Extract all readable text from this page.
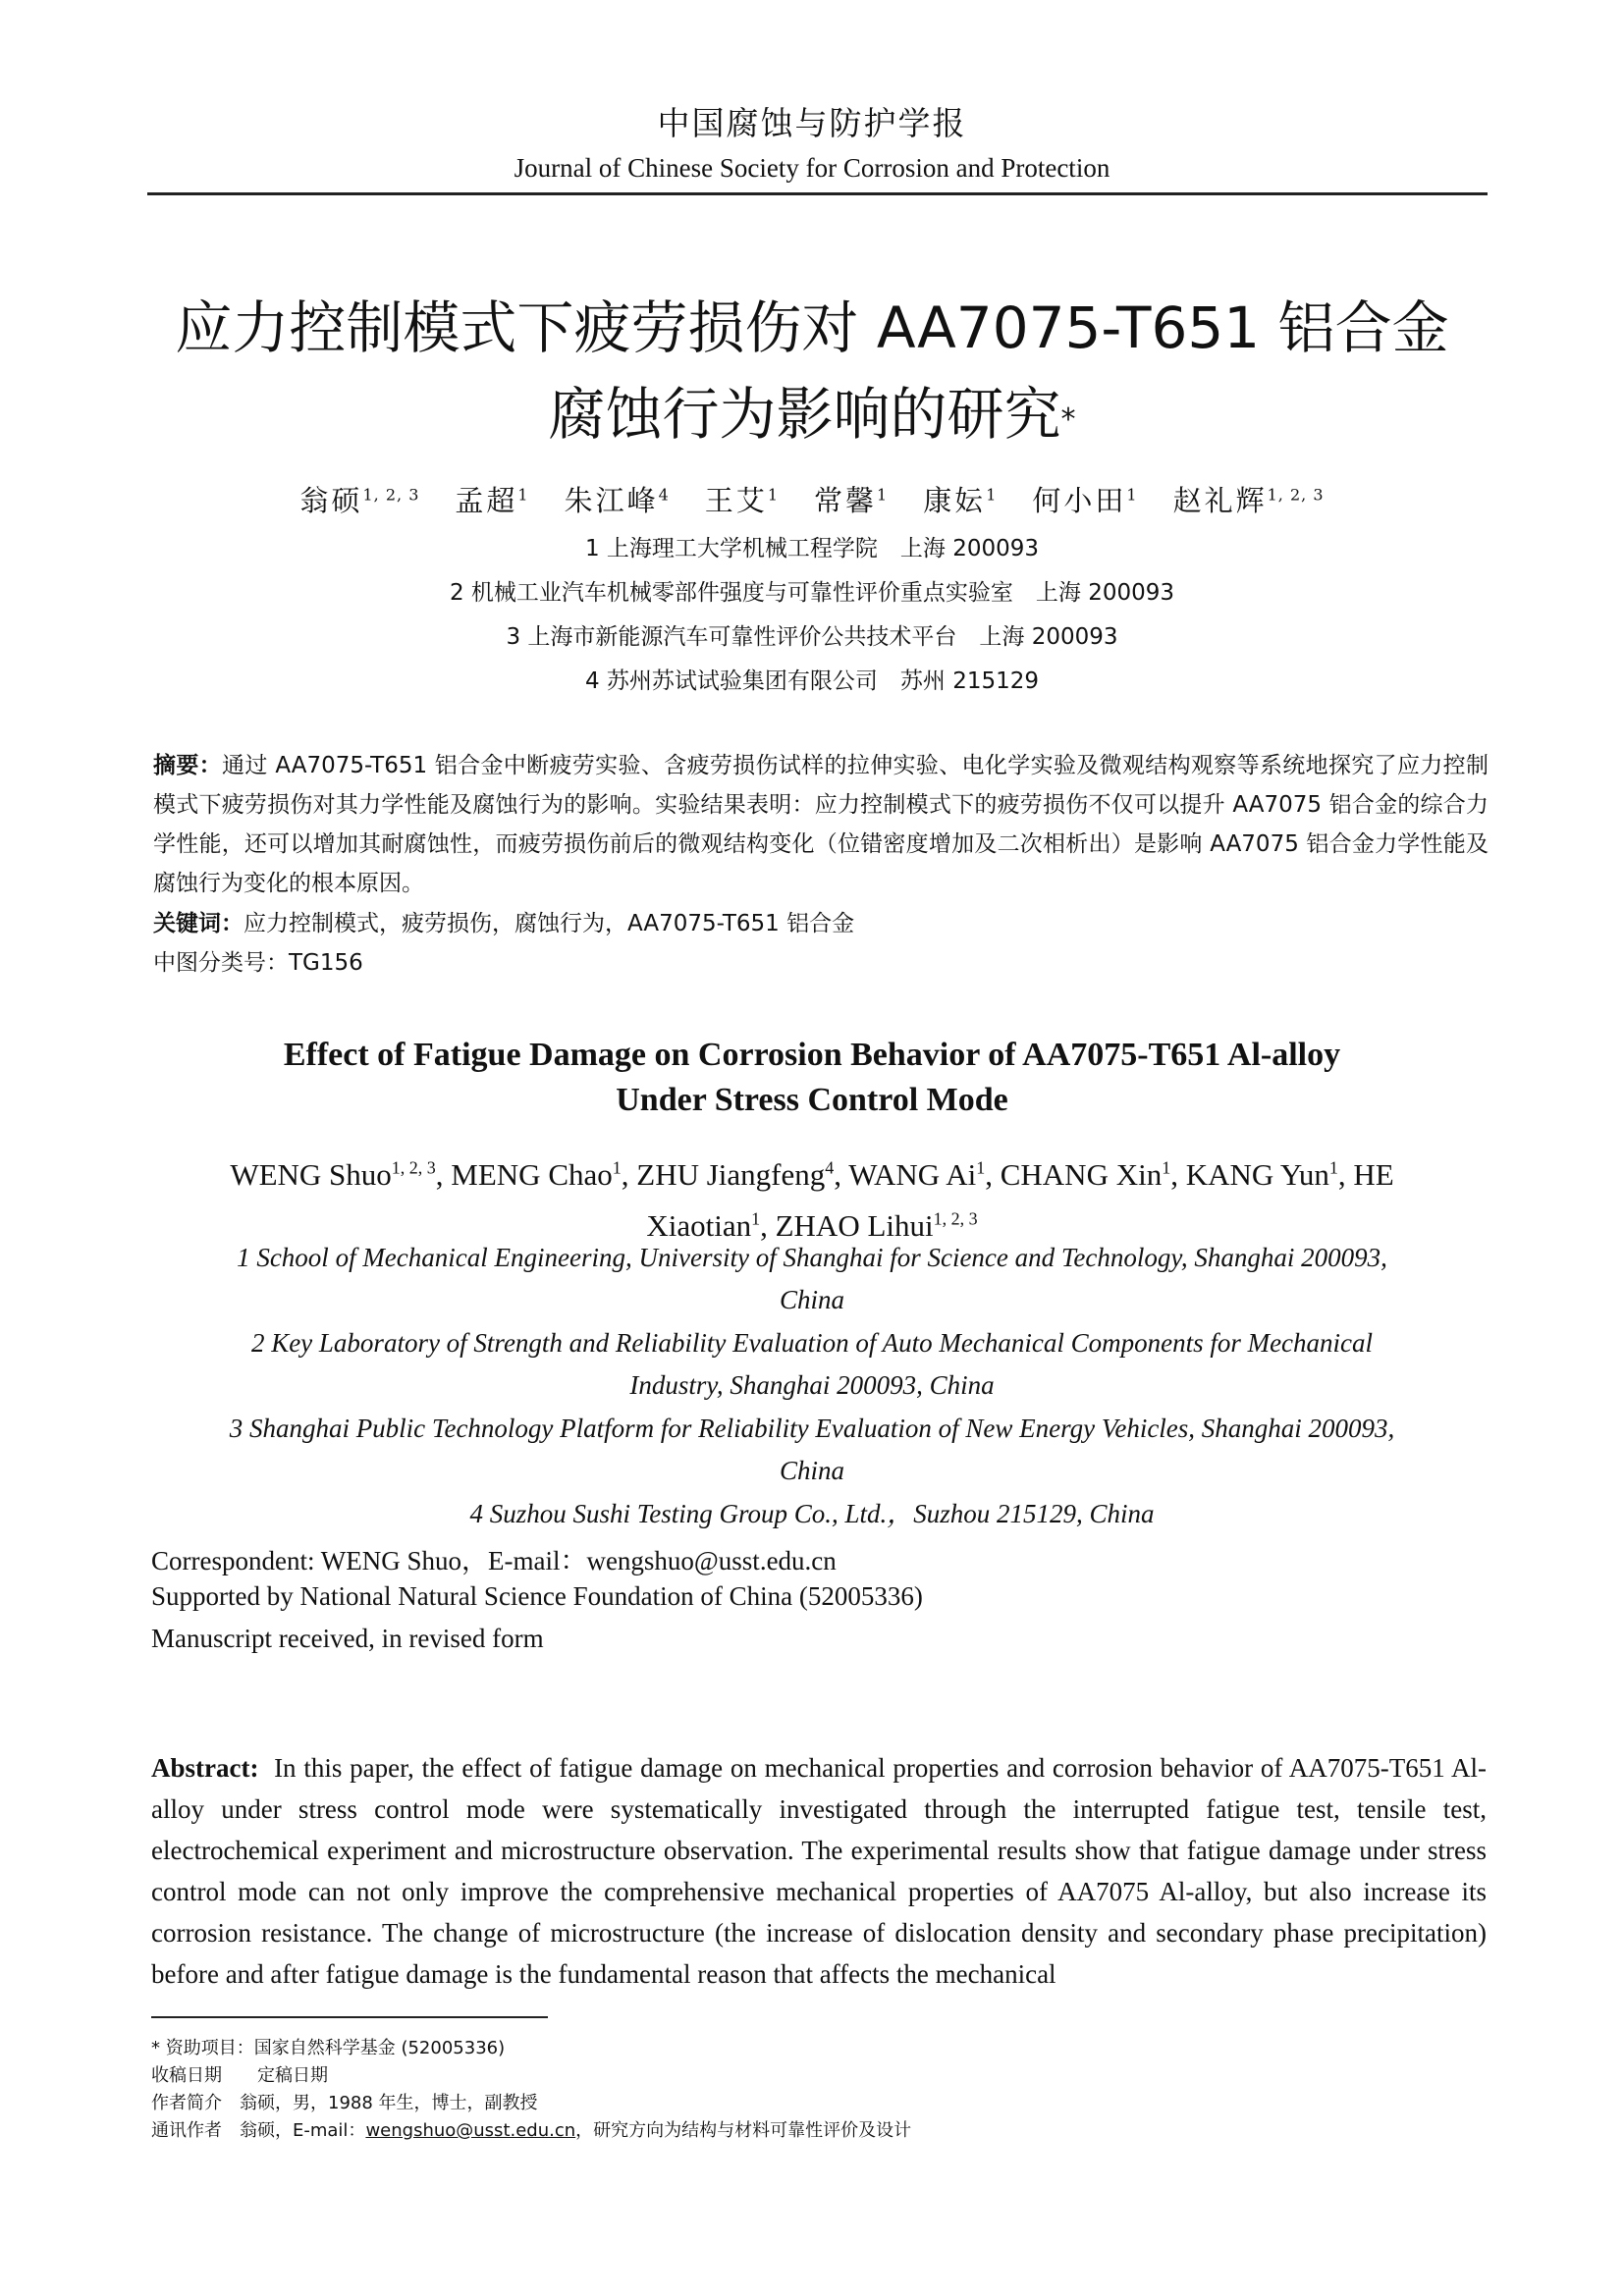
中国腐蚀与防护学报
Journal of Chinese Society for Corrosion and Protection
应力控制模式下疲劳损伤对 AA7075-T651 铝合金
腐蚀行为影响的研究*
翁硕$^{1, 2, 3}$ 孟超$^1$ 朱江峰$^4$ 王艾$^1$ 常馨$^1$ 康妘$^1$ 何小田$^1$ 赵礼辉$^{1, 2, 3}$
1 上海理工大学机械工程学院　上海 200093
2 机械工业汽车机械零部件强度与可靠性评价重点实验室　上海 200093
3 上海市新能源汽车可靠性评价公共技术平台　上海 200093
4 苏州苏试试验集团有限公司　苏州 215129
摘要：通过 AA7075-T651 铝合金中断疲劳实验、含疲劳损伤试样的拉伸实验、电化学实验及微观结构观察等系统地探究了应力控制模式下疲劳损伤对其力学性能及腐蚀行为的影响。实验结果表明：应力控制模式下的疲劳损伤不仅可以提升 AA7075 铝合金的综合力学性能，还可以增加其耐腐蚀性，而疲劳损伤前后的微观结构变化（位错密度增加及二次相析出）是影响 AA7075 铝合金力学性能及腐蚀行为变化的根本原因。
关键词：应力控制模式，疲劳损伤，腐蚀行为，AA7075-T651 铝合金
中图分类号：TG156
Effect of Fatigue Damage on Corrosion Behavior of AA7075-T651 Al-alloy
Under Stress Control Mode
WENG Shuo$^{1, 2, 3}$, MENG Chao$^1$, ZHU Jiangfeng$^4$, WANG Ai$^1$, CHANG Xin$^1$, KANG Yun$^1$, HE Xiaotian$^1$, ZHAO Lihui$^{1, 2, 3}$
1 School of Mechanical Engineering, University of Shanghai for Science and Technology, Shanghai 200093,
China
2 Key Laboratory of Strength and Reliability Evaluation of Auto Mechanical Components for Mechanical
Industry, Shanghai 200093, China
3 Shanghai Public Technology Platform for Reliability Evaluation of New Energy Vehicles, Shanghai 200093,
China
4 Suzhou Sushi Testing Group Co., Ltd.，Suzhou 215129, China
Correspondent: WENG Shuo，E-mail：wengshuo@usst.edu.cn
Supported by National Natural Science Foundation of China (52005336)
Manuscript received, in revised form
Abstract: In this paper, the effect of fatigue damage on mechanical properties and corrosion behavior of AA7075-T651 Al-alloy under stress control mode were systematically investigated through the interrupted fatigue test, tensile test, electrochemical experiment and microstructure observation. The experimental results show that fatigue damage under stress control mode can not only improve the comprehensive mechanical properties of AA7075 Al-alloy, but also increase its corrosion resistance. The change of microstructure (the increase of dislocation density and secondary phase precipitation) before and after fatigue damage is the fundamental reason that affects the mechanical
* 资助项目：国家自然科学基金 (52005336)
收稿日期　　定稿日期
作者简介　翁硕，男，1988 年生，博士，副教授
通讯作者　翁硕，E-mail：wengshuo@usst.edu.cn，研究方向为结构与材料可靠性评价及设计
